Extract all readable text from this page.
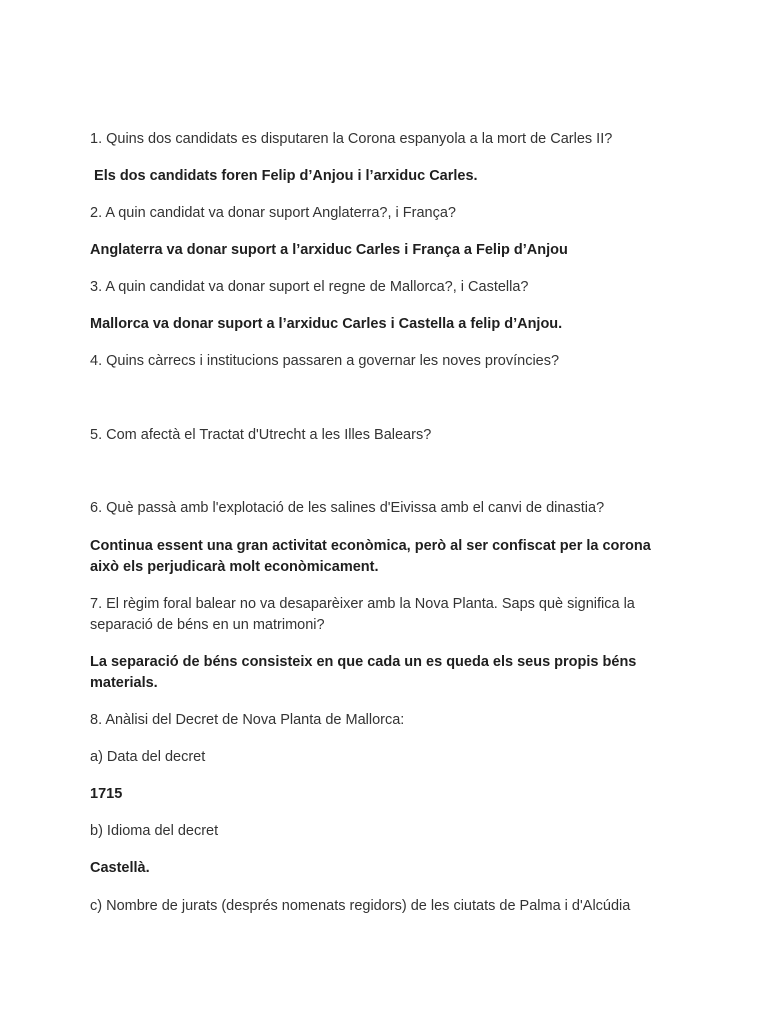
1. Quins dos candidats es disputaren la Corona espanyola a la mort de Carles II?
Els dos candidats foren Felip d’Anjou i l’arxiduc Carles.
2. A quin candidat va donar suport Anglaterra?, i França?
Anglaterra va donar suport a l’arxiduc Carles i França a Felip d’Anjou
3. A quin candidat va donar suport el regne de Mallorca?, i Castella?
Mallorca va donar suport a l’arxiduc Carles i Castella a felip d’Anjou.
4. Quins càrrecs i institucions passaren a governar les noves províncies?
5. Com afectà el Tractat d'Utrecht a les Illes Balears?
6. Què passà amb l'explotació de les salines d'Eivissa amb el canvi de dinastia?
Continua essent una gran activitat econòmica, però al ser confiscat per la corona això els perjudicarà molt econòmicament.
7. El règim foral balear no va desaparèixer amb la Nova Planta. Saps què significa la separació de béns en un matrimoni?
La separació de béns consisteix en que cada un es queda els seus propis béns materials.
8. Anàlisi del Decret de Nova Planta de Mallorca:
a) Data del decret
1715
b) Idioma del decret
Castellà.
c) Nombre de jurats (després nomenats regidors) de les ciutats de Palma i d'Alcúdia
